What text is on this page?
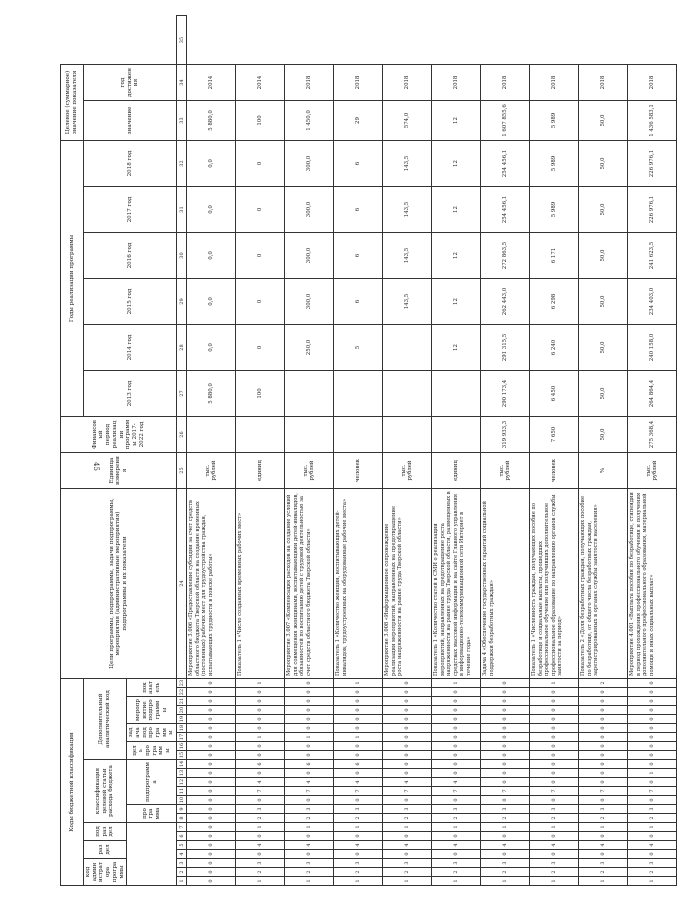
45
Коды бюджетной классификации																							Цели программы, подпрограммы, задачи подпрограммы, мероприятия (административные мероприятия) подпрограммы и их показатели	Единица измерения	Финансовый период реализации программы 2017-2022 год	Годы реализации программы						Целевое (суммарное) значение показателя		
код администратора программы			раздел		подраздел		классификация целевой статьи расхода бюджета							Дополнительный аналитический код												2013 год	2014 год	2015 год	2016 год	2017 год	2018 год	значение	год достижения	
							программа		подпрограмма					цель программы		задача подпрограммы		мероприятие подпрограммы			показатель													
1	2	3	4	5	6	7	8	9	10	11	12	13	14	15	16	17	18	19	20	21	22	23	24	25	26	27	28	29	30	31	32	33	34	35
0	0	0	0	0	0	0	0	0	0	0	0	0	0	0	0	0	0	0	0	0	0	0	Мероприятие 3.006 «Предоставление субсидии за счет средств областного бюджета Тверской области на создание временных (постоянных) рабочих мест для трудоустройства граждан, испытывающих трудности в поиске работы»	тыс. рублей		5 880,0	0,0	0,0	0,0	0,0	0,0	5 880,0	2014	
1	2	3	0	4	0	1	2	3	0	7	4	0	6	0	0	1	0	0	0	0	0	1	Показатель 1 «Число созданных временных рабочих мест»	единиц		100	0	0	0	0	0	100	2014	
1	2	3	0	4	0	1	2	3	0	7	4	0	6	0	0	1	0	0	0	0	0	0	Мероприятие 3.007 «Компенсация расходов на создание условий для совмещения женщинами, воспитывающими детей-инвалидов, обязанностей по воспитанию детей с трудовой деятельностью за счет средств областного бюджета Тверской области»	тыс. рублей			250,0	300,0	300,0	300,0	300,0	1 450,0	2018	
1	2	3	0	4	0	1	2	3	0	7	4	0	6	0	0	1	0	0	0	0	0	1	Показатель 1 «Количество женщин, воспитывающих детей-инвалидов, трудоустроенных на оборудованные рабочие места»	человек			5	6	6	6	6	29	2018	
1	2	3	0	4	0	1	2	3	0	7	4	0	0	0	0	0	0	0	0	0	0	0	Мероприятие 3.008 «Информационное сопровождение реализации мероприятий, направленных на предотвращение роста напряженности на рынке труда Тверской области»	тыс. рублей				143,5	143,5	143,5	143,5	574,0	2018	
1	2	3	0	4	0	1	2	3	0	7	4	0	0	0	0	0	0	0	0	0	0	1	Показатель 1 «Количество статей в СМИ о реализации мероприятий, направленных на предотвращение роста напряженности на рынке труда Тверской области, размещенных в средствах массовой информации и на сайте Главного управления в информационно-телекоммуникационной сети Интернет в течение года»	единиц			12	12	12	12	12	12	2018	
1	2	3	0	4	0	1	2	3	0	7	0	0	0	0	0	0	0	0	0	0	0	0	Задача 4 «Обеспечение государственных гарантий социальной поддержки безработных граждан»	тыс. рублей	319 933,3	290 173,4	291 315,5	262 443,0	272 863,5	254 456,1	254 456,1	1 607 855,6	2018	
1	2	3	0	4	0	1	2	3	0	7	0	0	0	0	0	0	0	0	0	0	0	1	Показатель 1 «Численность граждан, получающих пособие по безработице и социальные выплаты, прошедших профессиональное обучение или получивших дополнительное профессиональное образование по направлению органов службы занятости за период»	человек	7 650	6 450	6 240	6 298	6 171	5 989	5 989	5 989	2018	
1	2	3	0	4	0	1	2	3	0	7	0	0	0	0	0	0	0	0	0	0	0	2	Показатель 2 «Доля безработных граждан, получающих пособие по безработице, от общего числа безработных граждан, зарегистрированных в органах службы занятости населения»	%	50,0	50,0	50,0	50,0	50,0	50,0	50,0	50,0	2018	
1	2	3	0	4	0	1	2	3	0	7	0	1	0	0	0	0	0	0	0	0	0	0	Мероприятие 4.001 «Выплата пособия по безработице, стипендии в период прохождения профессионального обучения и получения дополнительного профессионального образования, материальной помощи и иных социальных выплат»	тыс. рублей	275 368,4	264 864,4	240 158,0	234 403,0	241 623,5	226 976,1	226 976,1	1 436 583,1	2018	
